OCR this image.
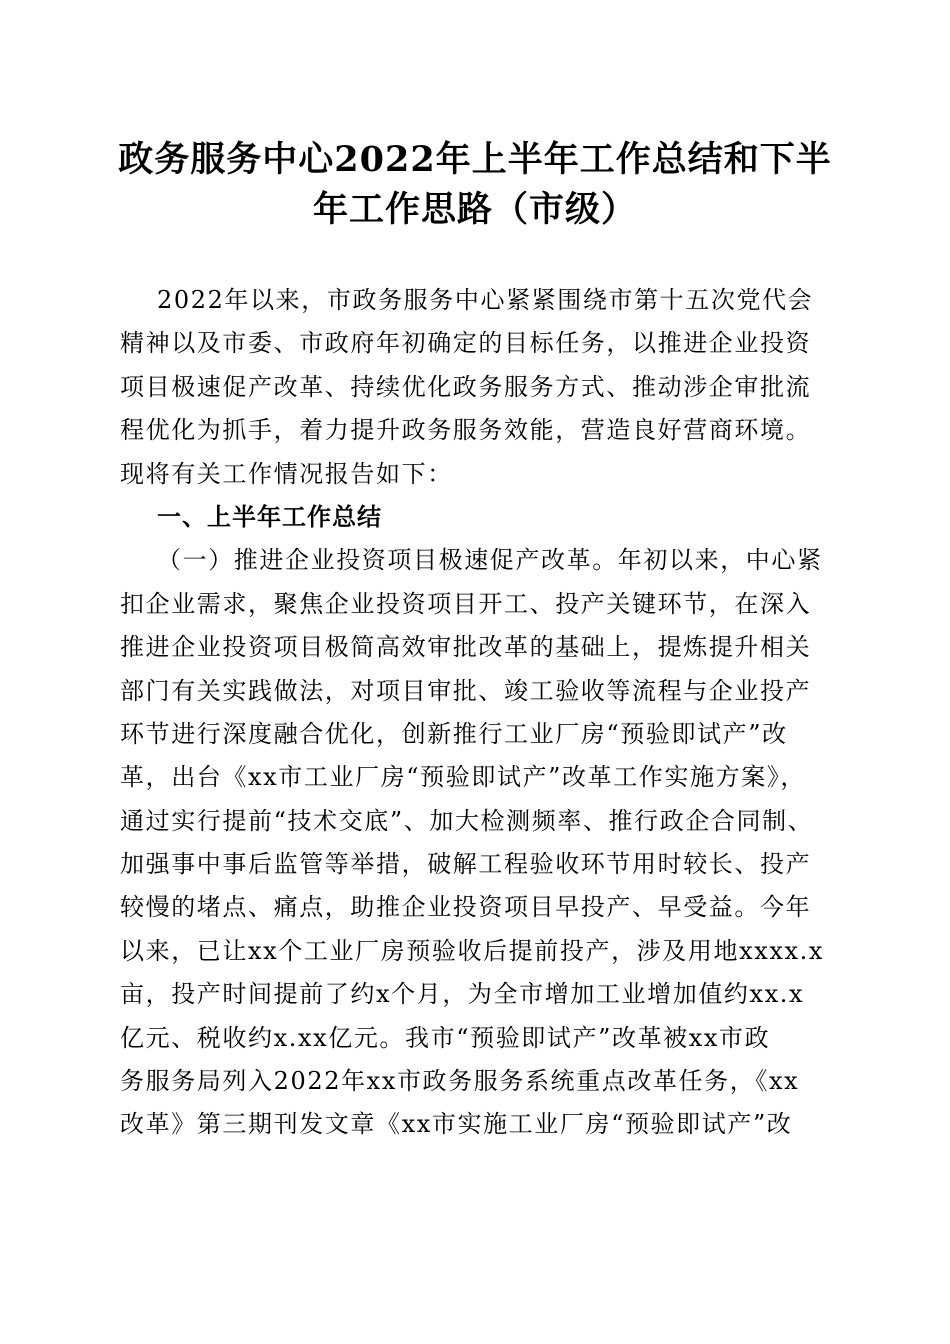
政务服务中心2022年上半年工作总结和下半
年工作思路（市级）
2022年以来，市政务服务中心紧紧围绕市第十五次党代会
精神以及市委、市政府年初确定的目标任务，以推进企业投资
项目极速促产改革、持续优化政务服务方式、推动涉企审批流
程优化为抓手，着力提升政务服务效能，营造良好营商环境。
现将有关工作情况报告如下：
一、上半年工作总结
（一）推进企业投资项目极速促产改革。年初以来，中心紧
扣企业需求，聚焦企业投资项目开工、投产关键环节，在深入
推进企业投资项目极简高效审批改革的基础上，提炼提升相关
部门有关实践做法，对项目审批、竣工验收等流程与企业投产
环节进行深度融合优化，创新推行工业厂房“预验即试产”改
革，出台《xx市工业厂房“预验即试产”改革工作实施方案》，
通过实行提前“技术交底”、加大检测频率、推行政企合同制、
加强事中事后监管等举措，破解工程验收环节用时较长、投产
较慢的堵点、痛点，助推企业投资项目早投产、早受益。今年
以来，已让xx个工业厂房预验收后提前投产，涉及用地xxxx.x
亩，投产时间提前了约x个月，为全市增加工业增加值约xx.x
亿元、税收约x.xx亿元。我市“预验即试产”改革被xx市政
务服务局列入2022年xx市政务服务系统重点改革任务，《xx
改革》第三期刊发文章《xx市实施工业厂房“预验即试产”改
